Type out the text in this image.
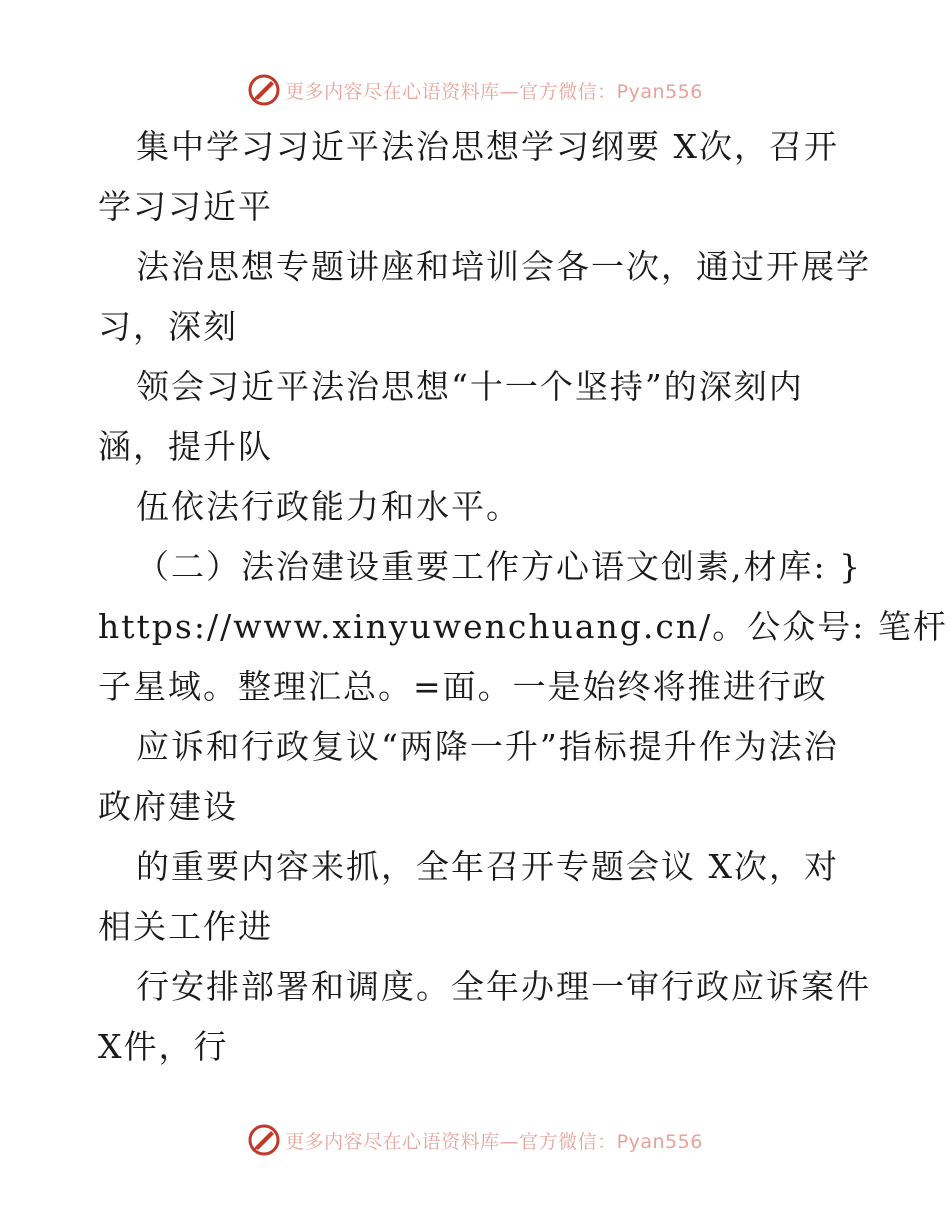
更多内容尽在心语资料库—官方微信：Pyan556
集中学习习近平法治思想学习纲要 X次，召开
学习习近平
法治思想专题讲座和培训会各一次，通过开展学
习，深刻
领会习近平法治思想“十一个坚持”的深刻内
涵，提升队
伍依法行政能力和水平。
（二）法治建设重要工作方心语文创素,材库: }
https://www.xinyuwenchuang.cn/。公众号: 笔杆
子星域。整理汇总。=面。一是始终将推进行政
应诉和行政复议“两降一升”指标提升作为法治
政府建设
的重要内容来抓，全年召开专题会议 X次，对
相关工作进
行安排部署和调度。全年办理一审行政应诉案件
X件，行
更多内容尽在心语资料库—官方微信：Pyan556
